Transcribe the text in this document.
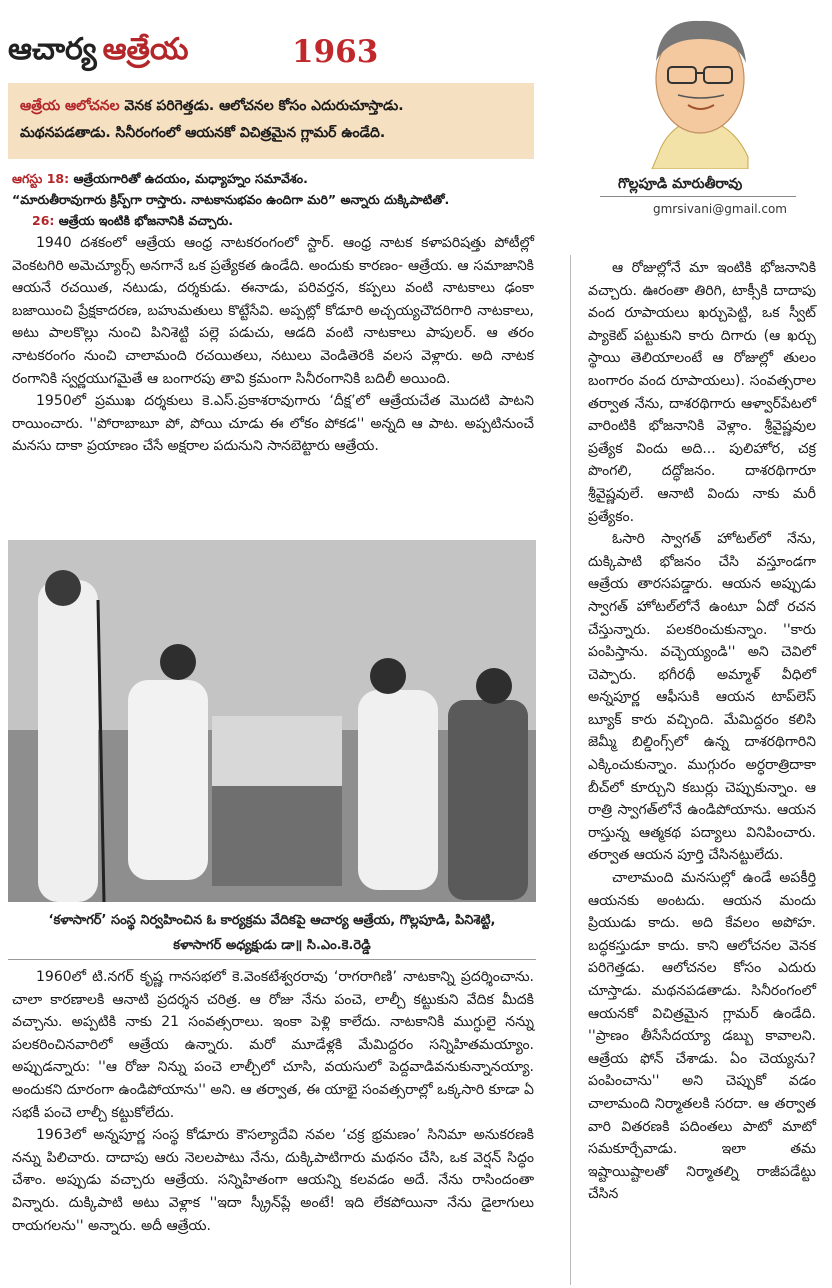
ఆచార్య ఆత్రేయ	1963
ఆత్రేయ ఆలోచనల వెనక పరిగెత్తడు. ఆలోచనల కోసం ఎదురుచూస్తాడు.
మథనపడతాడు. సినీరంగంలో ఆయనకో విచిత్రమైన గ్లామర్ ఉండేది.
గొల్లపూడి మారుతీరావు
gmrsivani@gmail.com

ఆగస్టు 18: ఆత్రేయగారితో ఉదయం, మధ్యాహ్నం సమావేశం.

“మారుతీరావుగారు క్రిస్ప్‌గా రాస్తారు. నాటకానుభవం ఉందిగా మరి” అన్నారు దుక్కిపాటితో.

26: ఆత్రేయ ఇంటికి భోజనానికి వచ్చారు.

1940 దశకంలో ఆత్రేయ ఆంధ్ర నాటకరంగంలో స్టార్. ఆంధ్ర నాటక కళాపరిషత్తు పోటీల్లో వెంకటగిరి అమెచ్యూర్స్ అనగానే ఒక ప్రత్యేకత ఉండేది. అందుకు కారణం- ఆత్రేయ. ఆ సమాజానికి ఆయనే రచయిత, నటుడు, దర్శకుడు. ఈనాడు, పరివర్తన, కప్పలు వంటి నాటకాలు ఢంకా బజాయించి ప్రేక్షకాదరణ, బహుమతులు కొట్టేసేవి. అప్పట్లో కోడూరి అచ్చయ్యచౌదరిగారి నాటకాలు, అటు పాలకొల్లు నుంచి పినిశెట్టి పల్లె పడుచు, ఆడది వంటి నాటకాలు పాపులర్. ఆ తరం నాటకరంగం నుంచి చాలామంది రచయితలు, నటులు వెండితెరకి వలస వెళ్లారు. అది నాటక రంగానికి స్వర్ణయుగమైతే ఆ బంగారపు తావి క్రమంగా సినీరంగానికి బదిలీ అయింది.

1950లో ప్రముఖ దర్శకులు కె.ఎస్.ప్రకాశరావుగారు ‘దీక్ష’లో ఆత్రేయచేత మొదటి పాటని రాయించారు. ''పోరాబాబూ పో, పోయి చూడు ఈ లోకం పోకడ'' అన్నది ఆ పాట. అప్పటినుంచే మనసు దాకా ప్రయాణం చేసే అక్షరాల పదునుని సానబెట్టారు ఆత్రేయ.

‘కళాసాగర్’ సంస్థ నిర్వహించిన ఓ కార్యక్రమ వేదికపై ఆచార్య ఆత్రేయ, గొల్లపూడి, పినిశెట్టి,
కళాసాగర్ అధ్యక్షుడు డా॥ సి.ఎం.కె.రెడ్డి

1960లో టి.నగర్ కృష్ణ గానసభలో కె.వెంకటేశ్వరరావు ‘రాగరాగిణి’ నాటకాన్ని ప్రదర్శించాను. చాలా కారణాలకి ఆనాటి ప్రదర్శన చరిత్ర. ఆ రోజు నేను పంచె, లాల్చీ కట్టుకుని వేదిక మీదకి వచ్చాను. అప్పటికి నాకు 21 సంవత్సరాలు. ఇంకా పెళ్లి కాలేదు. నాటకానికి ముగ్ధులై నన్ను పలకరించినవారిలో ఆత్రేయ ఉన్నారు. మరో మూడేళ్లకి మేమిద్దరం సన్నిహితమయ్యాం. అప్పుడన్నారు: ''ఆ రోజు నిన్ను పంచె లాల్చీలో చూసి, వయసులో పెద్దవాడివనుకున్నానయ్యా. అందుకని దూరంగా ఉండిపోయాను'' అని. ఆ తర్వాత, ఈ యాభై సంవత్సరాల్లో ఒక్కసారి కూడా ఏ సభకీ పంచె లాల్చీ కట్టుకోలేదు.

1963లో అన్నపూర్ణ సంస్థ కోడూరు కౌసల్యాదేవి నవల ‘చక్ర భ్రమణం’ సినిమా అనుకరణకి నన్ను పిలిచారు. దాదాపు ఆరు నెలలపాటు నేను, దుక్కిపాటిగారు మథనం చేసి, ఒక వెర్షన్ సిద్ధం చేశాం. అప్పుడు వచ్చారు ఆత్రేయ. సన్నిహితంగా ఆయన్ని కలవడం అదే. నేను రాసిందంతా విన్నారు. దుక్కిపాటి అటు వెళ్లాక ''ఇదా స్క్రీన్‌ప్లే అంటే! ఇది లేకపోయినా నేను డైలాగులు రాయగలను'' అన్నారు. అదీ ఆత్రేయ.

ఆ రోజుల్లోనే మా ఇంటికి భోజనానికి వచ్చారు. ఊరంతా తిరిగి, టాక్సీకి దాదాపు వంద రూపాయలు ఖర్చుపెట్టి, ఒక స్వీట్ ప్యాకెట్ పట్టుకుని కారు దిగారు (ఆ ఖర్చు స్థాయి తెలియాలంటే ఆ రోజుల్లో తులం బంగారం వంద రూపాయలు). సంవత్సరాల తర్వాత నేను, దాశరథిగారు ఆళ్వార్‌పేటలో వారింటికి భోజనానికి వెళ్లాం. శ్రీవైష్ణవుల ప్రత్యేక విందు అది... పులిహోర, చక్ర పొంగలి, దద్ధోజనం. దాశరథిగారూ శ్రీవైష్ణవులే. ఆనాటి విందు నాకు మరీ ప్రత్యేకం.

ఓసారి స్వాగత్ హోటల్‌లో నేను, దుక్కిపాటి భోజనం చేసి వస్తూండగా ఆత్రేయ తారసపడ్డారు. ఆయన అప్పుడు స్వాగత్ హోటల్‌లోనే ఉంటూ ఏదో రచన చేస్తున్నారు. పలకరించుకున్నాం. ''కారు పంపిస్తాను. వచ్చెయ్యండి'' అని చెవిలో చెప్పారు. భగీరథీ అమ్మాళ్ వీధిలో అన్నపూర్ణ ఆఫీసుకి ఆయన టాప్‌లెస్ బ్యూక్ కారు వచ్చింది. మేమిద్దరం కలిసి జెమ్మీ బిల్డింగ్స్‌లో ఉన్న దాశరథిగారిని ఎక్కించుకున్నాం. ముగ్గురం అర్ధరాత్రిదాకా బీచ్‌లో కూర్చుని కబుర్లు చెప్పుకున్నాం. ఆ రాత్రి స్వాగత్‌లోనే ఉండిపోయాను. ఆయన రాస్తున్న ఆత్మకథ పద్యాలు వినిపించారు. తర్వాత ఆయన పూర్తి చేసినట్టులేదు.

చాలామంది మనసుల్లో ఉండే అపకీర్తి ఆయనకు అంటదు. ఆయన మందు ప్రియుడు కాదు. అది కేవలం అపోహ. బద్ధకస్తుడూ కాదు. కాని ఆలోచనల వెనక పరిగెత్తడు. ఆలోచనల కోసం ఎదురు చూస్తాడు. మథనపడతాడు. సినీరంగంలో ఆయనకో విచిత్రమైన గ్లామర్ ఉండేది. ''ప్రాణం తీసేసేదయ్యా డబ్బు కావాలని. ఆత్రేయ ఫోన్ చేశాడు. ఏం చెయ్యను? పంపించాను'' అని చెప్పుకో వడం చాలామంది నిర్మాతలకి సరదా. ఆ తర్వాత వారి వితరణకి పదింతలు పాటో మాటో సమకూర్చేవాడు. ఇలా తమ ఇష్టాయిష్టాలతో నిర్మాతల్ని రాజీపడేట్టు చేసిన
